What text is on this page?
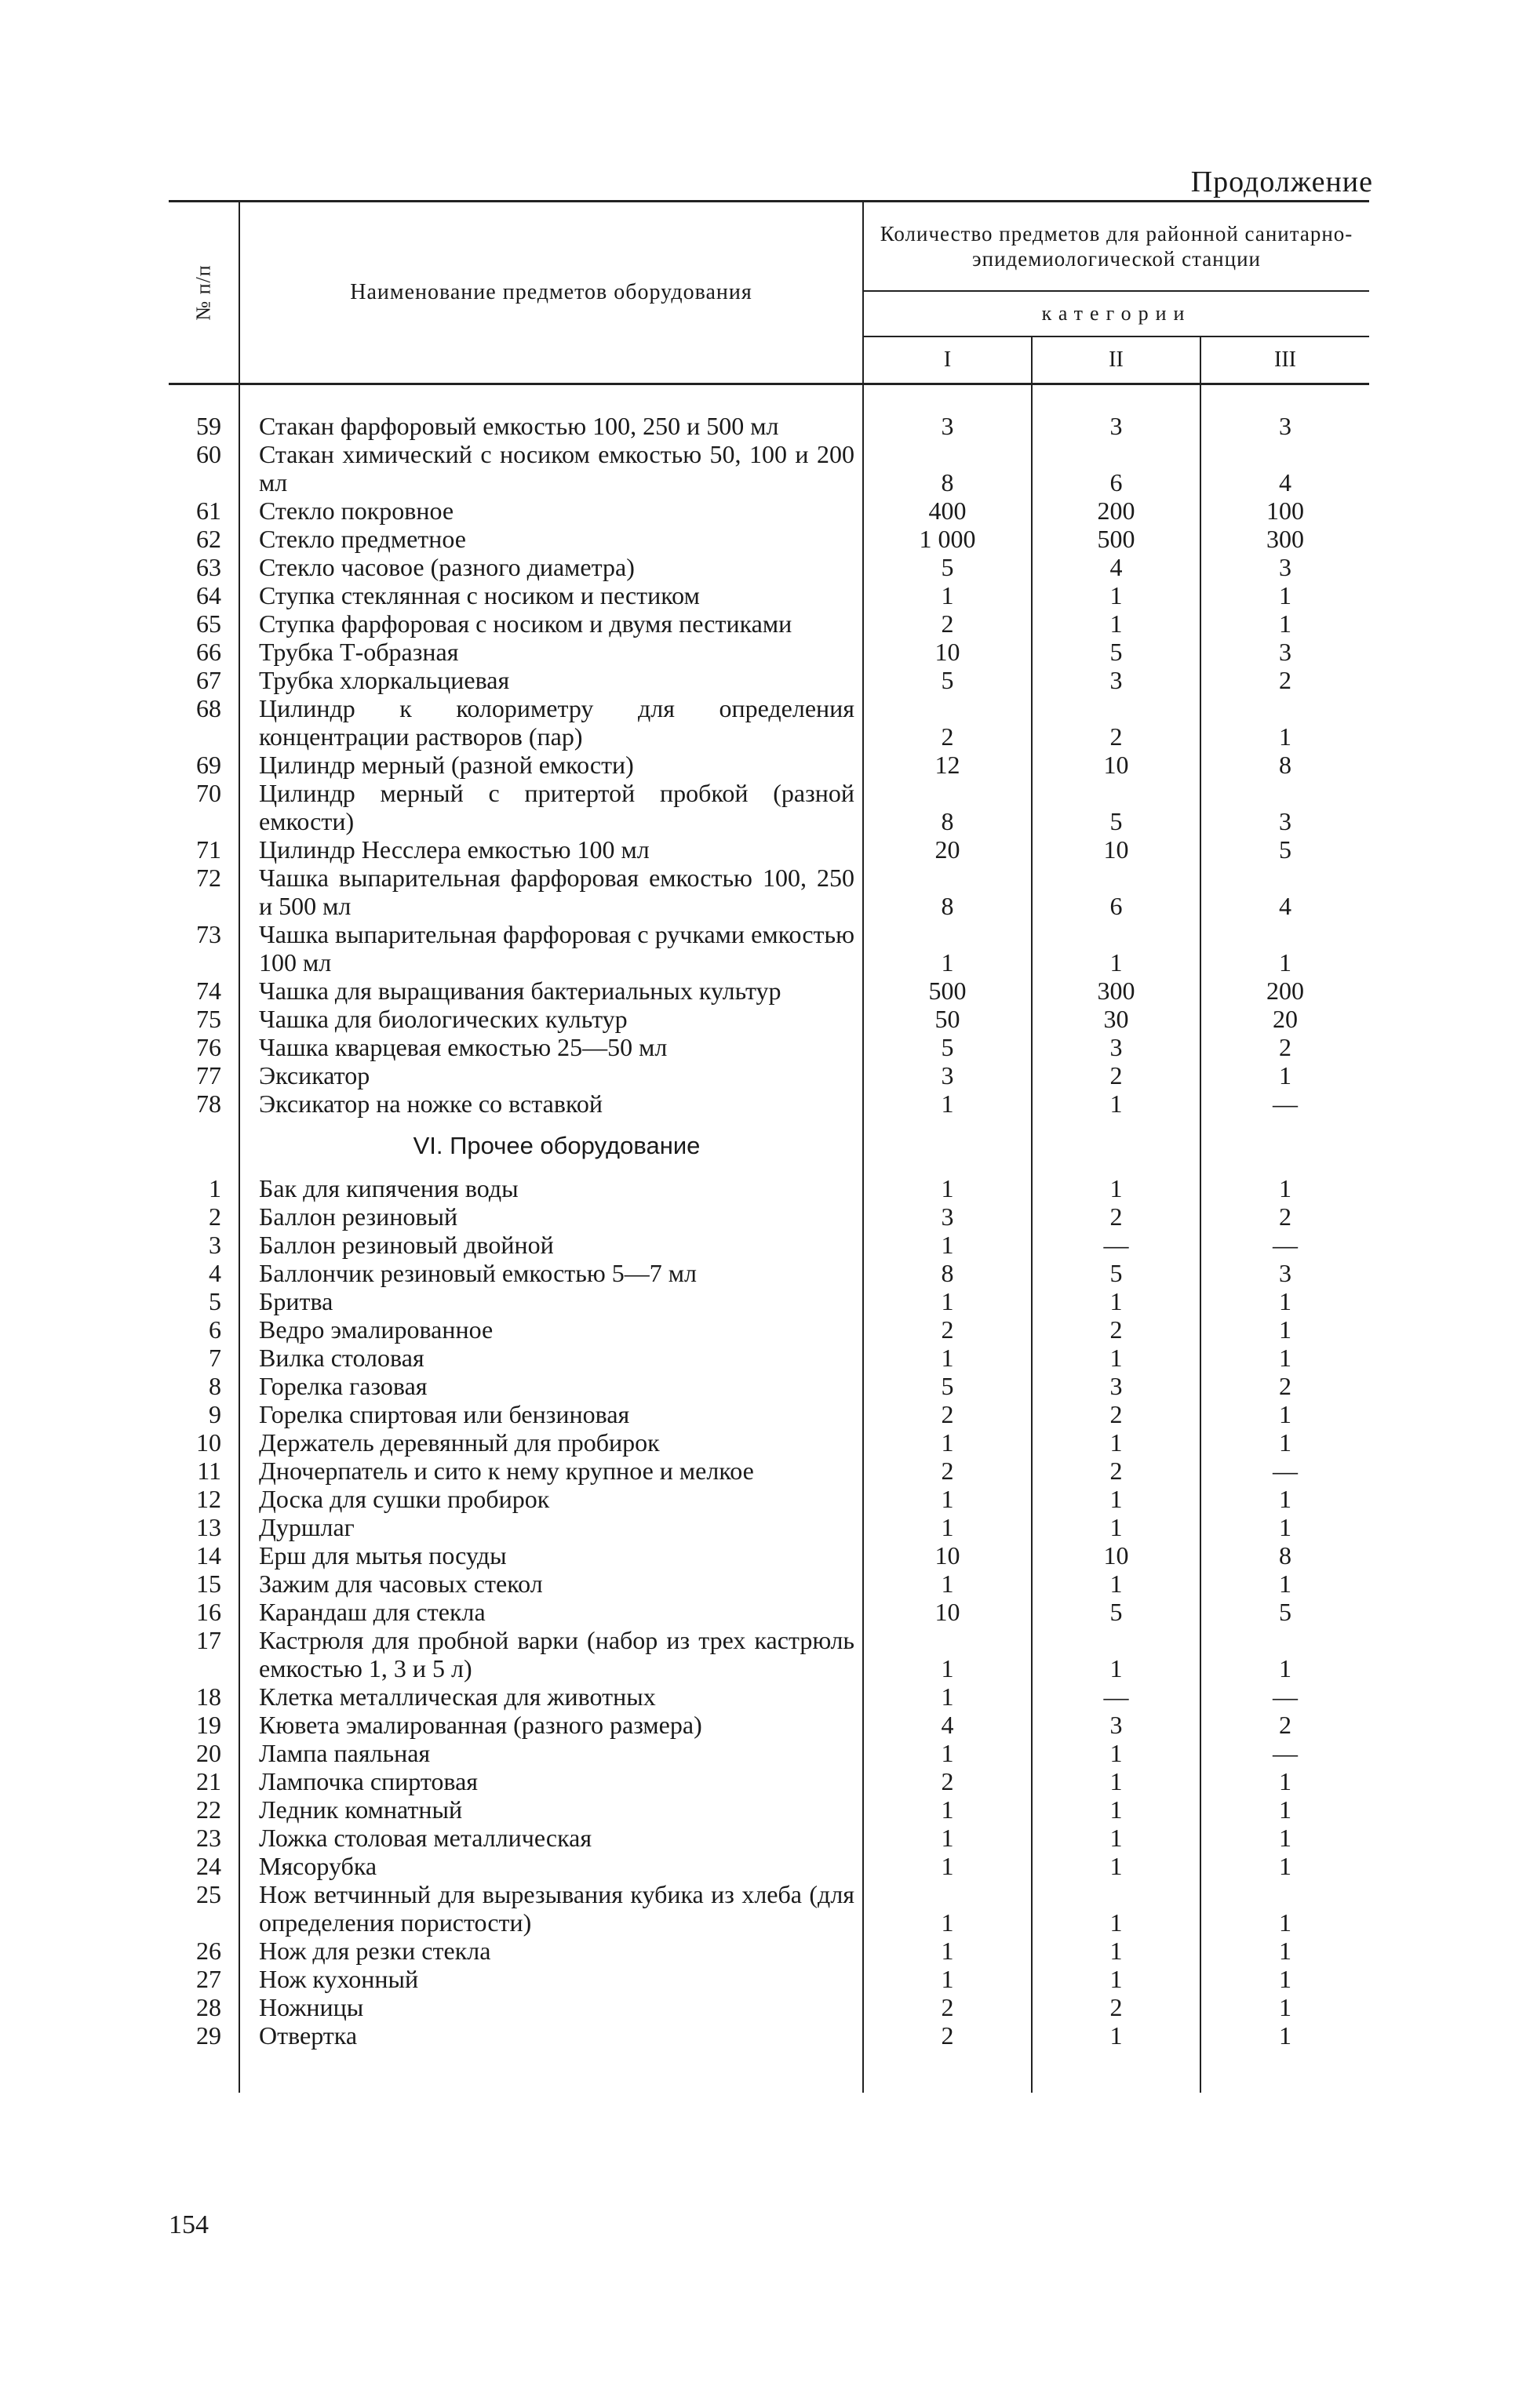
Продолжение
№ п/п	Наименование предметов оборудования	Количество предметов для районной санитарно-эпидемиологической станции		
		категории		
		I	II	III

59	Стакан фарфоровый емкостью 100, 250 и 500 мл	3	3	3
60	Стакан химический с носиком емкостью 50, 100 и 200 мл	8	6	4
61	Стекло покровное	400	200	100
62	Стекло предметное	1 000	500	300
63	Стекло часовое (разного диаметра)	5	4	3
64	Ступка стеклянная с носиком и пестиком	1	1	1
65	Ступка фарфоровая с носиком и двумя пестиками	2	1	1
66	Трубка Т-образная	10	5	3
67	Трубка хлоркальциевая	5	3	2
68	Цилиндр к колориметру для определения концентрации растворов (пар)	2	2	1
69	Цилиндр мерный (разной емкости)	12	10	8
70	Цилиндр мерный с притертой пробкой (разной емкости)	8	5	3
71	Цилиндр Несслера емкостью 100 мл	20	10	5
72	Чашка выпарительная фарфоровая емкостью 100, 250 и 500 мл	8	6	4
73	Чашка выпарительная фарфоровая с ручками емкостью 100 мл	1	1	1
74	Чашка для выращивания бактериальных культур	500	300	200
75	Чашка для биологических культур	50	30	20
76	Чашка кварцевая емкостью 25—50 мл	5	3	2
77	Эксикатор	3	2	1
78	Эксикатор на ножке со вставкой	1	1	—
	VI. Прочее оборудование			
1	Бак для кипячения воды	1	1	1
2	Баллон резиновый	3	2	2
3	Баллон резиновый двойной	1	—	—
4	Баллончик резиновый емкостью 5—7 мл	8	5	3
5	Бритва	1	1	1
6	Ведро эмалированное	2	2	1
7	Вилка столовая	1	1	1
8	Горелка газовая	5	3	2
9	Горелка спиртовая или бензиновая	2	2	1
10	Держатель деревянный для пробирок	1	1	1
11	Дночерпатель и сито к нему крупное и мелкое	2	2	—
12	Доска для сушки пробирок	1	1	1
13	Дуршлаг	1	1	1
14	Ерш для мытья посуды	10	10	8
15	Зажим для часовых стекол	1	1	1
16	Карандаш для стекла	10	5	5
17	Кастрюля для пробной варки (набор из трех кастрюль емкостью 1, 3 и 5 л)	1	1	1
18	Клетка металлическая для животных	1	—	—
19	Кювета эмалированная (разного размера)	4	3	2
20	Лампа паяльная	1	1	—
21	Лампочка спиртовая	2	1	1
22	Ледник комнатный	1	1	1
23	Ложка столовая металлическая	1	1	1
24	Мясорубка	1	1	1
25	Нож ветчинный для вырезывания кубика из хлеба (для определения пористости)	1	1	1
26	Нож для резки стекла	1	1	1
27	Нож кухонный	1	1	1
28	Ножницы	2	2	1
29	Отвертка	2	1	1

154
